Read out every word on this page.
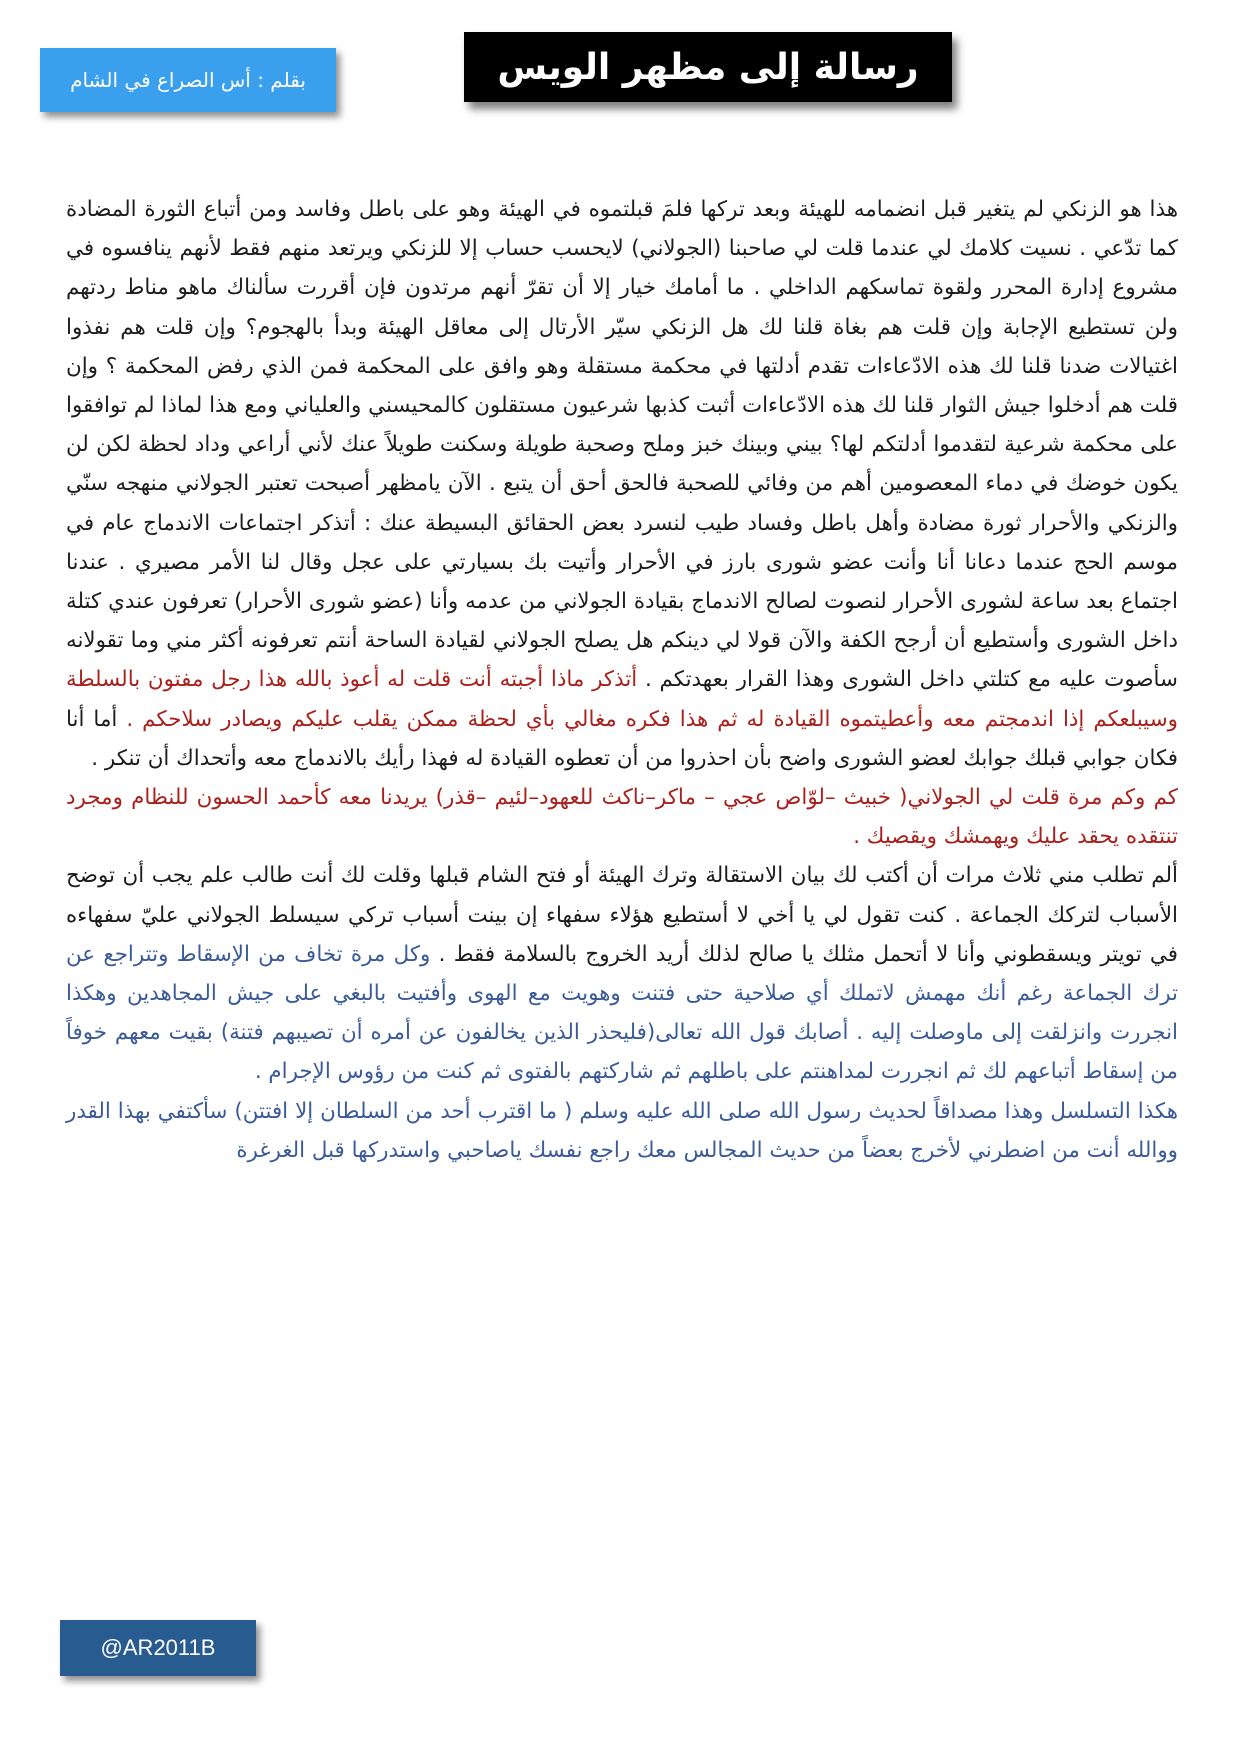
بقلم : أس الصراع في الشام	رسالة إلى مظهر الويس

هذا هو الزنكي لم يتغير قبل انضمامه للهيئة وبعد تركها فلمَ قبلتموه في الهيئة وهو على باطل وفاسد ومن أتباع الثورة المضادة كما تدّعي . نسيت كلامك لي عندما قلت لي صاحبنا (الجولاني) لايحسب حساب إلا للزنكي ويرتعد منهم فقط لأنهم ينافسوه في مشروع إدارة المحرر ولقوة تماسكهم الداخلي . ما أمامك خيار إلا أن تقرّ أنهم مرتدون فإن أقررت سألناك ماهو مناط ردتهم ولن تستطيع الإجابة وإن قلت هم بغاة قلنا لك هل الزنكي سيّر الأرتال إلى معاقل الهيئة وبدأ بالهجوم؟ وإن قلت هم نفذوا اغتيالات ضدنا قلنا لك هذه الادّعاءات تقدم أدلتها في محكمة مستقلة وهو وافق على المحكمة فمن الذي رفض المحكمة ؟ وإن قلت هم أدخلوا جيش الثوار قلنا لك هذه الادّعاءات أثبت كذبها شرعيون مستقلون كالمحيسني والعلياني ومع هذا لماذا لم توافقوا على محكمة شرعية لتقدموا أدلتكم لها؟ بيني وبينك خبز وملح وصحبة طويلة وسكنت طويلاً عنك لأني أراعي وداد لحظة لكن لن يكون خوضك في دماء المعصومين أهم من وفائي للصحبة فالحق أحق أن يتبع . الآن يامظهر أصبحت تعتبر الجولاني منهجه سنّي والزنكي والأحرار ثورة مضادة وأهل باطل وفساد طيب لنسرد بعض الحقائق البسيطة عنك : أتذكر اجتماعات الاندماج عام في موسم الحج عندما دعانا أنا وأنت عضو شورى بارز في الأحرار وأتيت بك بسيارتي على عجل وقال لنا الأمر مصيري . عندنا اجتماع بعد ساعة لشورى الأحرار لنصوت لصالح الاندماج بقيادة الجولاني من عدمه وأنا (عضو شورى الأحرار) تعرفون عندي كتلة داخل الشورى وأستطيع أن أرجح الكفة والآن قولا لي دينكم هل يصلح الجولاني لقيادة الساحة أنتم تعرفونه أكثر مني وما تقولانه سأصوت عليه مع كتلتي داخل الشورى وهذا القرار بعهدتكم . أتذكر ماذا أجبته أنت قلت له أعوذ بالله هذا رجل مفتون بالسلطة وسيبلعكم إذا اندمجتم معه وأعطيتموه القيادة له ثم هذا فكره مغالي بأي لحظة ممكن يقلب عليكم ويصادر سلاحكم . أما أنا فكان جوابي قبلك جوابك لعضو الشورى واضح بأن احذروا من أن تعطوه القيادة له فهذا رأيك بالاندماج معه وأتحداك أن تنكر .

كم وكم مرة قلت لي الجولاني( خبيث –لوّاص عجي – ماكر–ناكث للعهود–لئيم –قذر) يريدنا معه كأحمد الحسون للنظام ومجرد تنتقده يحقد عليك ويهمشك ويقصيك .

ألم تطلب مني ثلاث مرات أن أكتب لك بيان الاستقالة وترك الهيئة أو فتح الشام قبلها وقلت لك أنت طالب علم يجب أن توضح الأسباب لتركك الجماعة . كنت تقول لي يا أخي لا أستطيع هؤلاء سفهاء إن بينت أسباب تركي سيسلط الجولاني عليّ سفهاءه في تويتر ويسقطوني وأنا لا أتحمل مثلك يا صالح لذلك أريد الخروج بالسلامة فقط . وكل مرة تخاف من الإسقاط وتتراجع عن ترك الجماعة رغم أنك مهمش لاتملك أي صلاحية حتى فتنت وهويت مع الهوى وأفتيت بالبغي على جيش المجاهدين وهكذا انجررت وانزلقت إلى ماوصلت إليه . أصابك قول الله تعالى(فليحذر الذين يخالفون عن أمره أن تصيبهم فتنة) بقيت معهم خوفاً من إسقاط أتباعهم لك ثم انجررت لمداهنتم على باطلهم ثم شاركتهم بالفتوى ثم كنت من رؤوس الإجرام .

هكذا التسلسل وهذا مصداقاً لحديث رسول الله صلى الله عليه وسلم ( ما اقترب أحد من السلطان إلا افتتن) سأكتفي بهذا القدر ووالله أنت من اضطرني لأخرج بعضاً من حديث المجالس معك راجع نفسك ياصاحبي واستدركها قبل الغرغرة

@AR2011B
